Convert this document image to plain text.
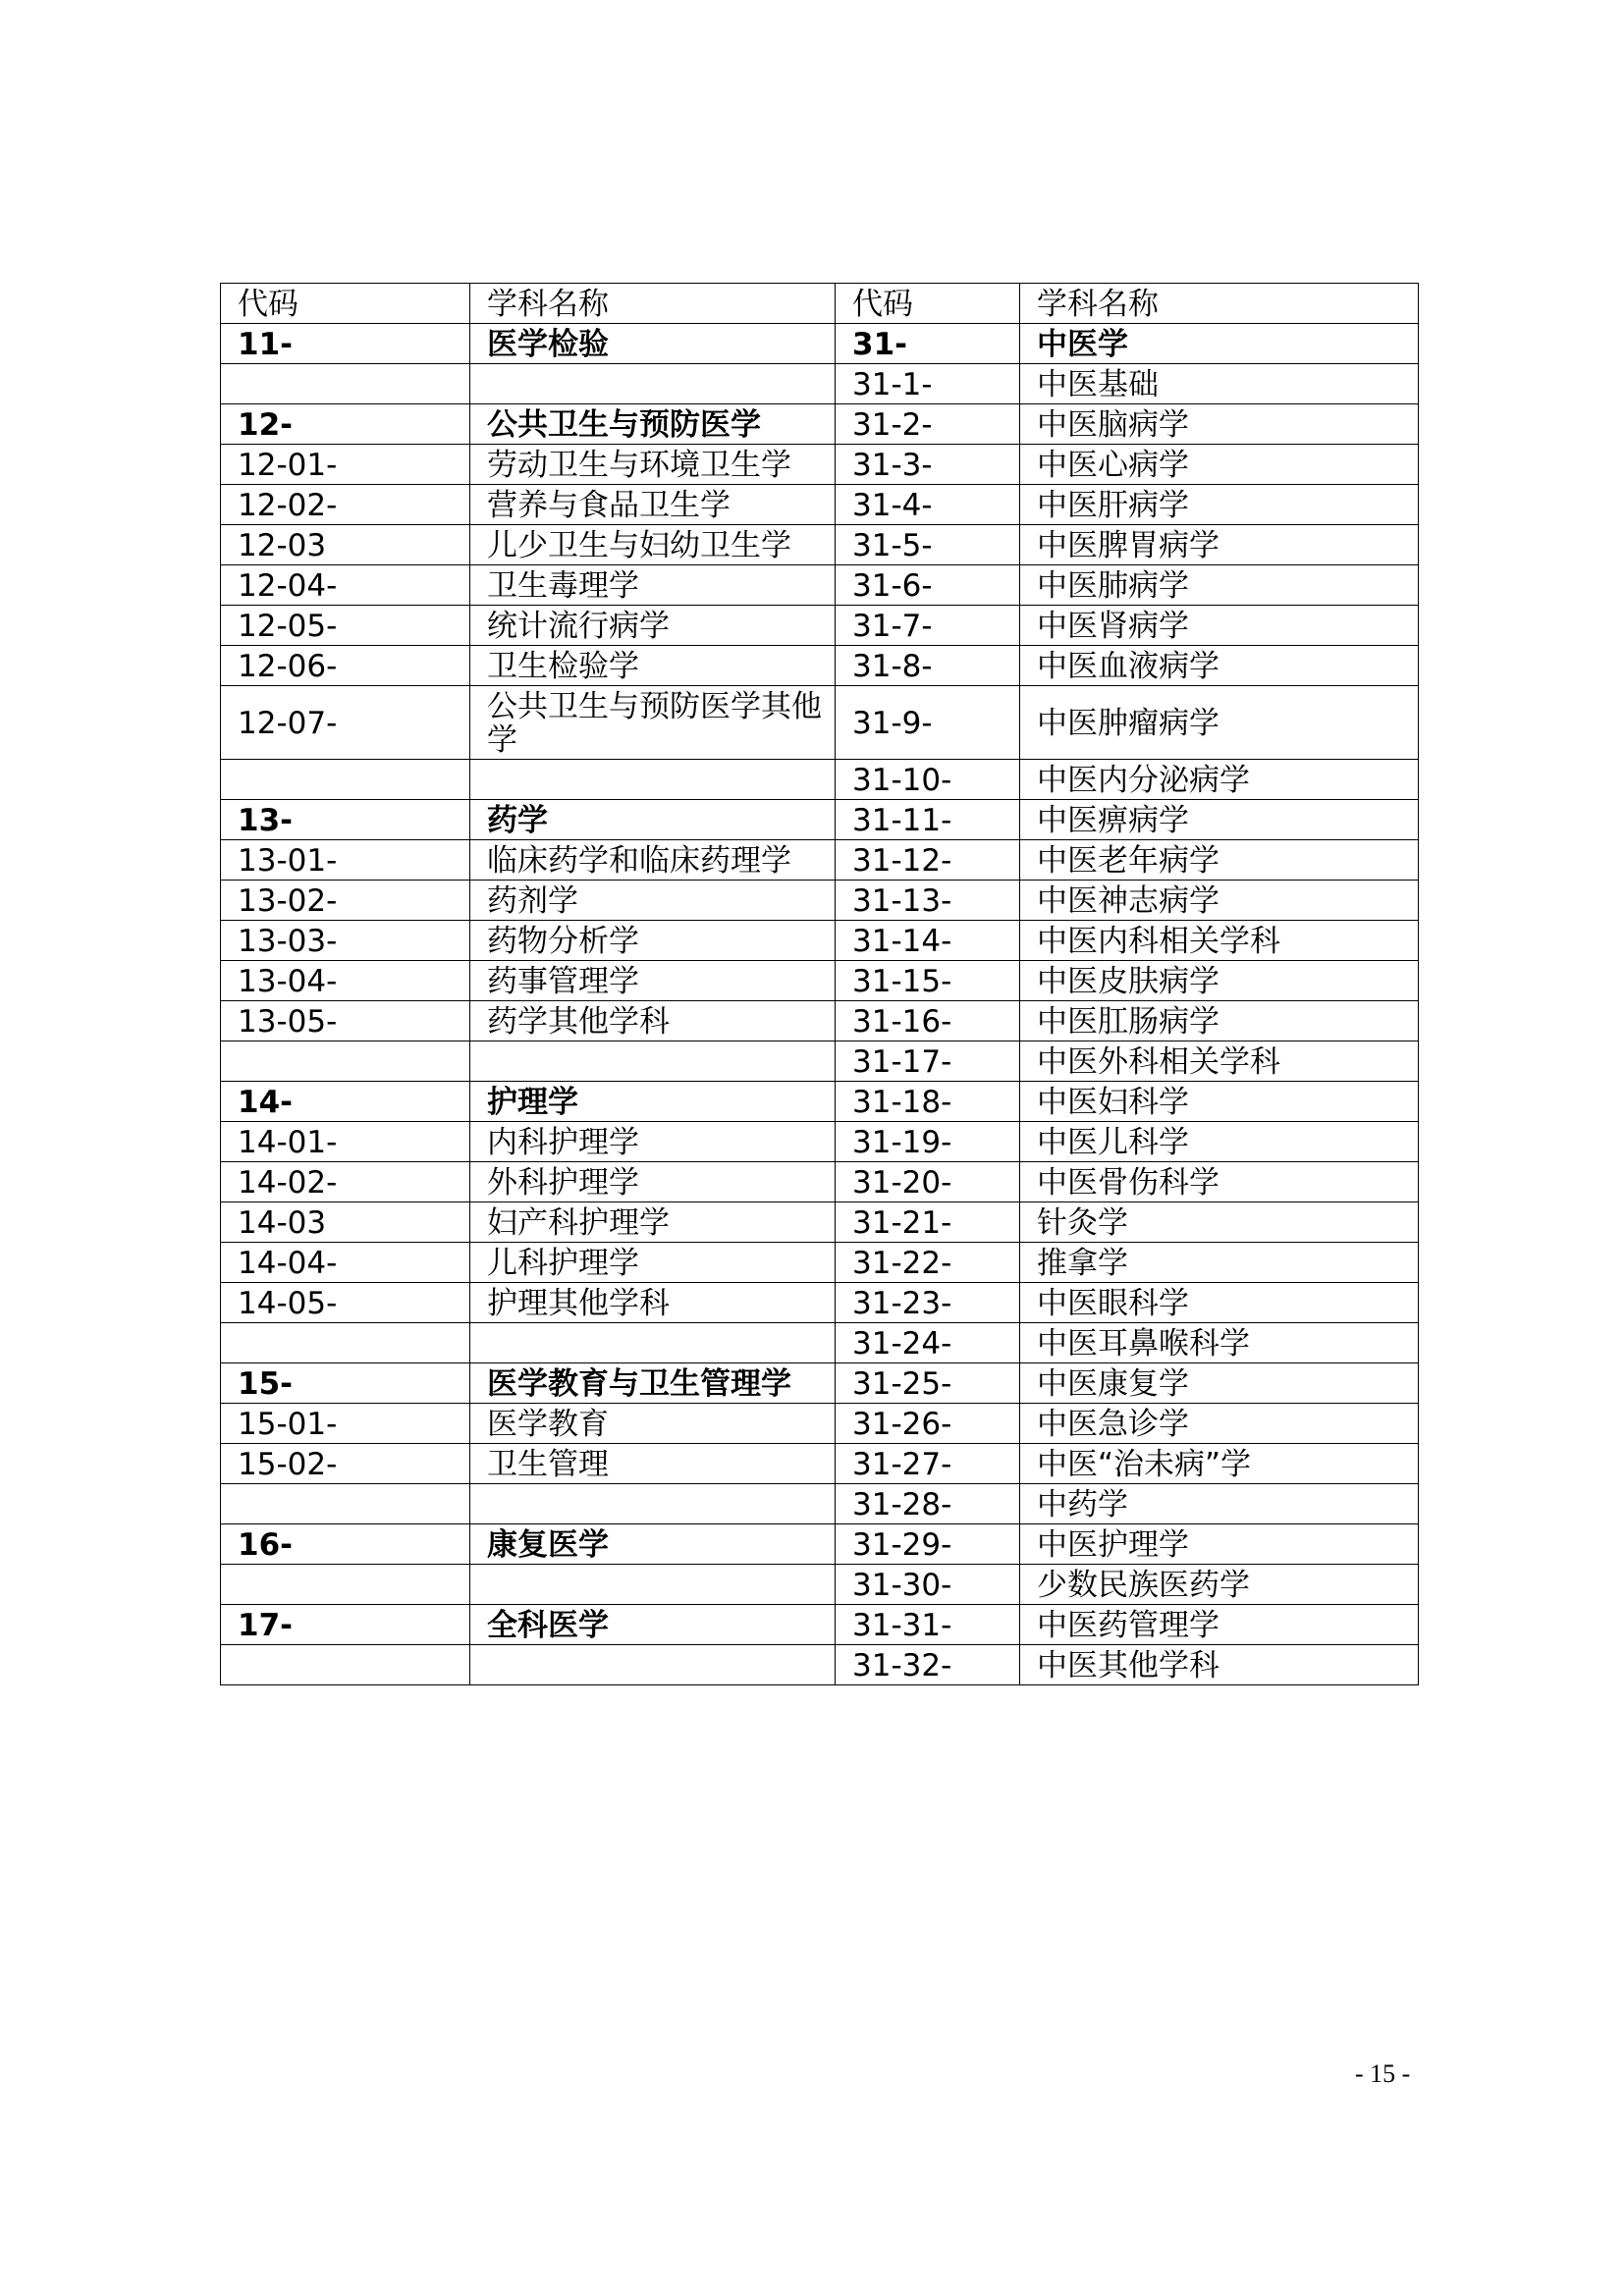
代码	学科名称	代码	学科名称
11-	医学检验	31-	中医学
		31-1-	中医基础
12-	公共卫生与预防医学	31-2-	中医脑病学
12-01-	劳动卫生与环境卫生学	31-3-	中医心病学
12-02-	营养与食品卫生学	31-4-	中医肝病学
12-03	儿少卫生与妇幼卫生学	31-5-	中医脾胃病学
12-04-	卫生毒理学	31-6-	中医肺病学
12-05-	统计流行病学	31-7-	中医肾病学
12-06-	卫生检验学	31-8-	中医血液病学
12-07-	公共卫生与预防医学其他学	31-9-	中医肿瘤病学
		31-10-	中医内分泌病学
13-	药学	31-11-	中医痹病学
13-01-	临床药学和临床药理学	31-12-	中医老年病学
13-02-	药剂学	31-13-	中医神志病学
13-03-	药物分析学	31-14-	中医内科相关学科
13-04-	药事管理学	31-15-	中医皮肤病学
13-05-	药学其他学科	31-16-	中医肛肠病学
		31-17-	中医外科相关学科
14-	护理学	31-18-	中医妇科学
14-01-	内科护理学	31-19-	中医儿科学
14-02-	外科护理学	31-20-	中医骨伤科学
14-03	妇产科护理学	31-21-	针灸学
14-04-	儿科护理学	31-22-	推拿学
14-05-	护理其他学科	31-23-	中医眼科学
		31-24-	中医耳鼻喉科学
15-	医学教育与卫生管理学	31-25-	中医康复学
15-01-	医学教育	31-26-	中医急诊学
15-02-	卫生管理	31-27-	中医“治未病”学
		31-28-	中药学
16-	康复医学	31-29-	中医护理学
		31-30-	少数民族医药学
17-	全科医学	31-31-	中医药管理学
		31-32-	中医其他学科
- 15 -
